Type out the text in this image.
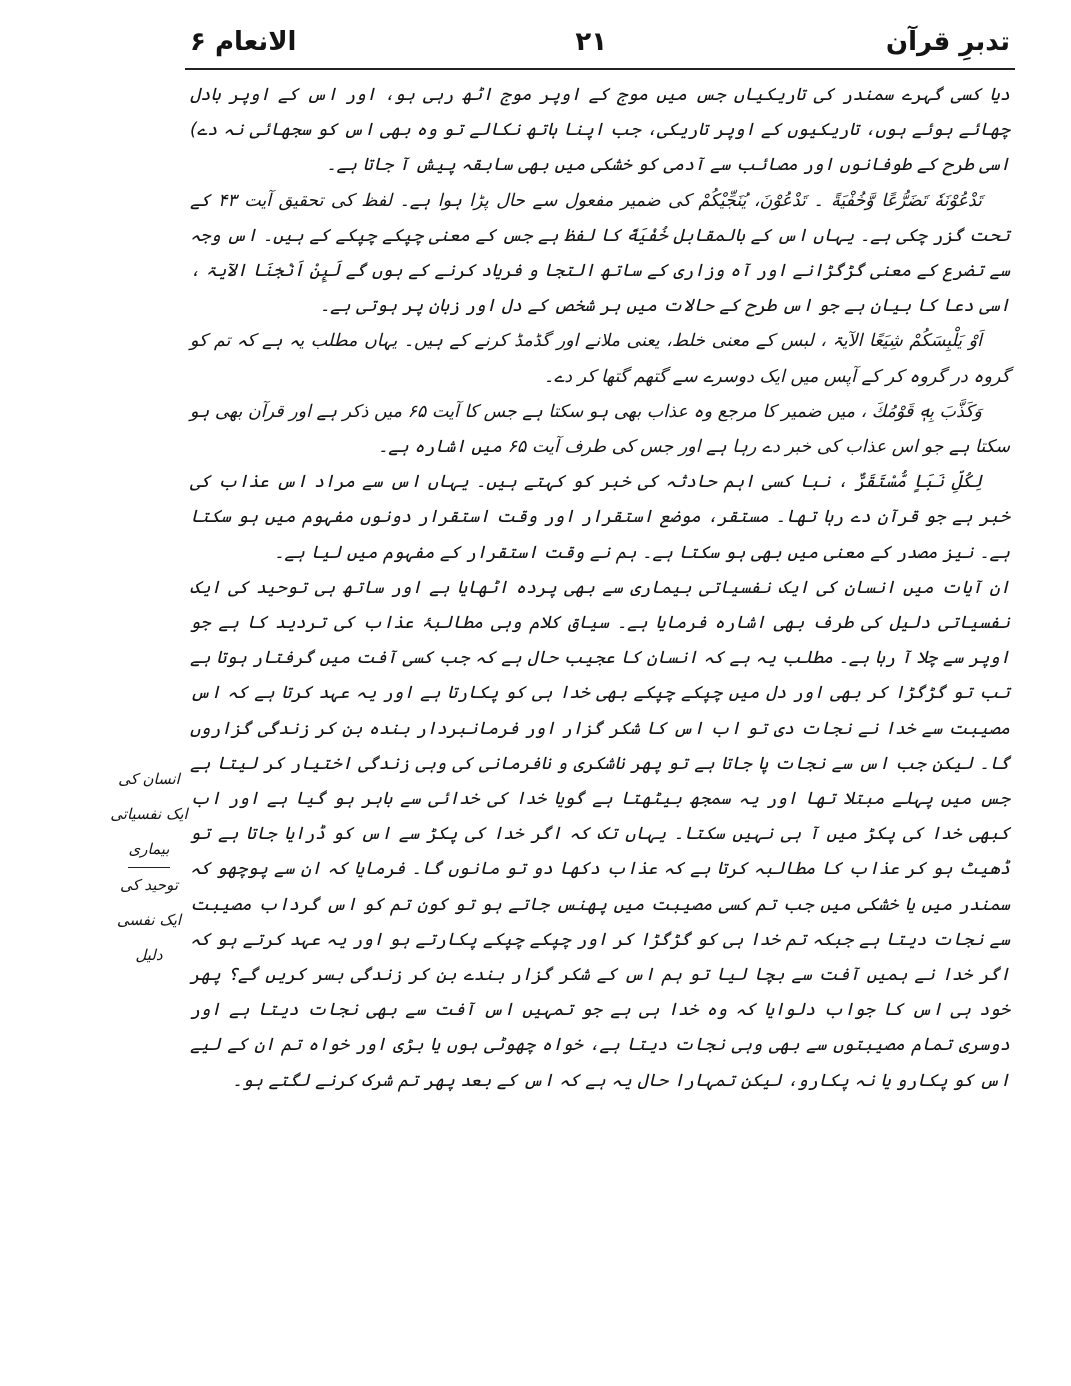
تدبرِ قرآن
۲۱
الانعام ۶

دیا کسی گہرے سمندر کی تاریکیاں جس میں موج کے اوپر موج اٹھ رہی ہو، اور اس کے اوپر بادل چھائے ہوئے ہوں، تاریکیوں کے اوپر تاریکی، جب اپنا ہاتھ نکالے تو وہ بھی اس کو سجھائی نہ دے) اسی طرح کے طوفانوں اور مصائب سے آدمی کو خشکی میں بھی سابقہ پیش آ جاتا ہے۔

تَدْعُوْنَهٗ تَضَرُّعًا وَّخُفْيَةً ۔ تَدْعُوْنَ، يُنَجِّيْكُمْ کی ضمیر مفعول سے حال پڑا ہوا ہے۔ لفظ کی تحقیق آیت ۴۳ کے تحت گزر چکی ہے۔ یہاں اس کے بالمقابل خُفْيَةً کا لفظ ہے جس کے معنی چپکے چپکے کے ہیں۔ اس وجہ سے تضرع کے معنی گڑگڑانے اور آہ وزاری کے ساتھ التجا و فریاد کرنے کے ہوں گے لَىِٕنْ اَنْجٰنَا الآیۃ ، اسی دعا کا بیان ہے جو اس طرح کے حالات میں ہر شخص کے دل اور زبان پر ہوتی ہے۔

اَوْ يَلْبِسَكُمْ شِيَعًا الآیۃ ، لبس کے معنی خلط، یعنی ملانے اور گڈمڈ کرنے کے ہیں۔ یہاں مطلب یہ ہے کہ تم کو گروہ در گروہ کر کے آپس میں ایک دوسرے سے گتھم گتھا کر دے۔

وَكَذَّبَ بِهٖ قَوْمُكَ ، میں ضمیر کا مرجع وہ عذاب بھی ہو سکتا ہے جس کا آیت ۶۵ میں ذکر ہے اور قرآن بھی ہو سکتا ہے جو اس عذاب کی خبر دے رہا ہے اور جس کی طرف آیت ۶۵ میں اشارہ ہے۔

لِكُلِّ نَبَاٍ مُّسْتَقَرٌّ ، نبا کسی اہم حادثہ کی خبر کو کہتے ہیں۔ یہاں اس سے مراد اس عذاب کی خبر ہے جو قرآن دے رہا تھا۔ مستقر، موضع استقرار اور وقت استقرار دونوں مفہوم میں ہو سکتا ہے۔ نیز مصدر کے معنی میں بھی ہو سکتا ہے۔ ہم نے وقت استقرار کے مفہوم میں لیا ہے۔

ان آیات میں انسان کی ایک نفسیاتی بیماری سے بھی پردہ اٹھایا ہے اور ساتھ ہی توحید کی ایک نفسیاتی دلیل کی طرف بھی اشارہ فرمایا ہے۔ سیاق کلام وہی مطالبۂ عذاب کی تردید کا ہے جو اوپر سے چلا آ رہا ہے۔ مطلب یہ ہے کہ انسان کا عجیب حال ہے کہ جب کسی آفت میں گرفتار ہوتا ہے تب تو گڑگڑا کر بھی اور دل میں چپکے چپکے بھی خدا ہی کو پکارتا ہے اور یہ عہد کرتا ہے کہ اس مصیبت سے خدا نے نجات دی تو اب اس کا شکر گزار اور فرمانبردار بندہ بن کر زندگی گزاروں گا۔ لیکن جب اس سے نجات پا جاتا ہے تو پھر ناشکری و نافرمانی کی وہی زندگی اختیار کر لیتا ہے جس میں پہلے مبتلا تھا اور یہ سمجھ بیٹھتا ہے گویا خدا کی خدائی سے باہر ہو گیا ہے اور اب کبھی خدا کی پکڑ میں آ ہی نہیں سکتا۔ یہاں تک کہ اگر خدا کی پکڑ سے اس کو ڈرایا جاتا ہے تو ڈھیٹ ہو کر عذاب کا مطالبہ کرتا ہے کہ عذاب دکھا دو تو مانوں گا۔ فرمایا کہ ان سے پوچھو کہ سمندر میں یا خشکی میں جب تم کسی مصیبت میں پھنس جاتے ہو تو کون تم کو اس گرداب مصیبت سے نجات دیتا ہے جبکہ تم خدا ہی کو گڑگڑا کر اور چپکے چپکے پکارتے ہو اور یہ عہد کرتے ہو کہ اگر خدا نے ہمیں آفت سے بچا لیا تو ہم اس کے شکر گزار بندے بن کر زندگی بسر کریں گے؟ پھر خود ہی اس کا جواب دلوایا کہ وہ خدا ہی ہے جو تمہیں اس آفت سے بھی نجات دیتا ہے اور دوسری تمام مصیبتوں سے بھی وہی نجات دیتا ہے، خواہ چھوٹی ہوں یا بڑی اور خواہ تم ان کے لیے اس کو پکارو یا نہ پکارو، لیکن تمہارا حال یہ ہے کہ اس کے بعد پھر تم شرک کرنے لگتے ہو۔

انسان کی ایک نفسیاتی بیماری
توحید کی ایک نفسی دلیل
